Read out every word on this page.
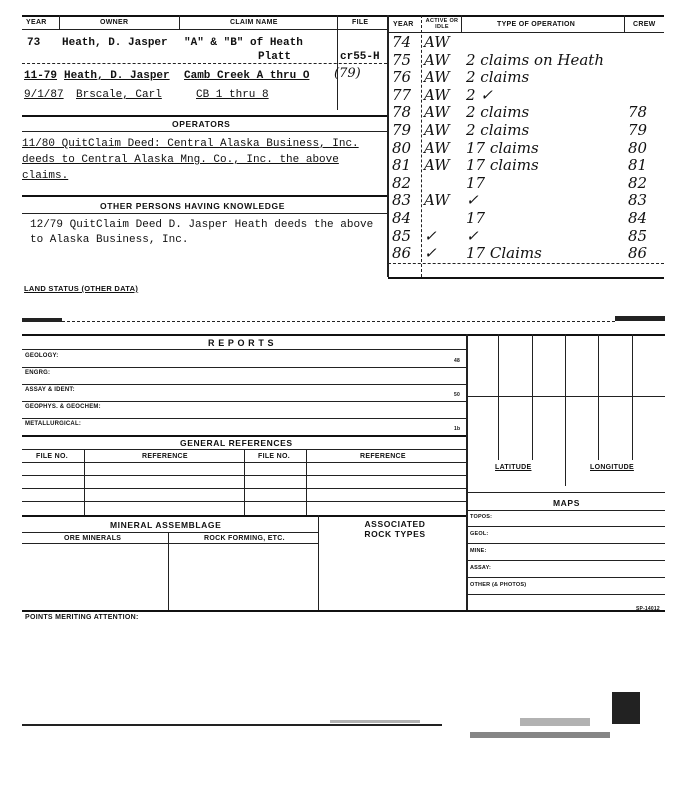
YEAR	OWNER	CLAIM NAME	FILE
73 Heath, D. Jasper "A" & "B" of Heath
Platt	cr55-H
11-79 Heath, D. Jasper Camb Creek A thru O (79)
9/1/87 Brscale, Carl	CB 1 thru 8
OPERATORS
11/80 QuitClaim Deed: Central Alaska Business, Inc.
deeds to Central Alaska Mng. Co., Inc. the above
claims.
OTHER PERSONS HAVING KNOWLEDGE
12/79 QuitClaim Deed D. Jasper Heath deeds the above
to Alaska Business, Inc.
YEAR	ACTIVE OR IDLE	TYPE OF OPERATION	CREW
74 AW
75 AW 2 claims on Heath
76 AW 2 claims
77 AW 2 ✓
78 AW 2 claims	78
79 AW 2 claims	79
80 AW 17 claims	80
81 AW 17 claims	81
82	17	82
83 AW ✓	83
84	17	84
85 ✓ ✓	85
86 ✓ 17 Claims	86
LAND STATUS (OTHER DATA)
R E P O R T S
GEOLOGY:
48
ENGRG:
ASSAY & IDENT:
50
GEOPHYS. & GEOCHEM:
METALLURGICAL:
1b
LATITUDE	LONGITUDE
MAPS
TOPOS:
GEOL:
MINE:
ASSAY:
OTHER (& PHOTOS)
GENERAL REFERENCES
FILE NO.	REFERENCE	FILE NO.	REFERENCE
MINERAL ASSEMBLAGE	ASSOCIATED ROCK TYPES
ORE MINERALS	ROCK FORMING, ETC.
POINTS MERITING ATTENTION:
SP-14012
